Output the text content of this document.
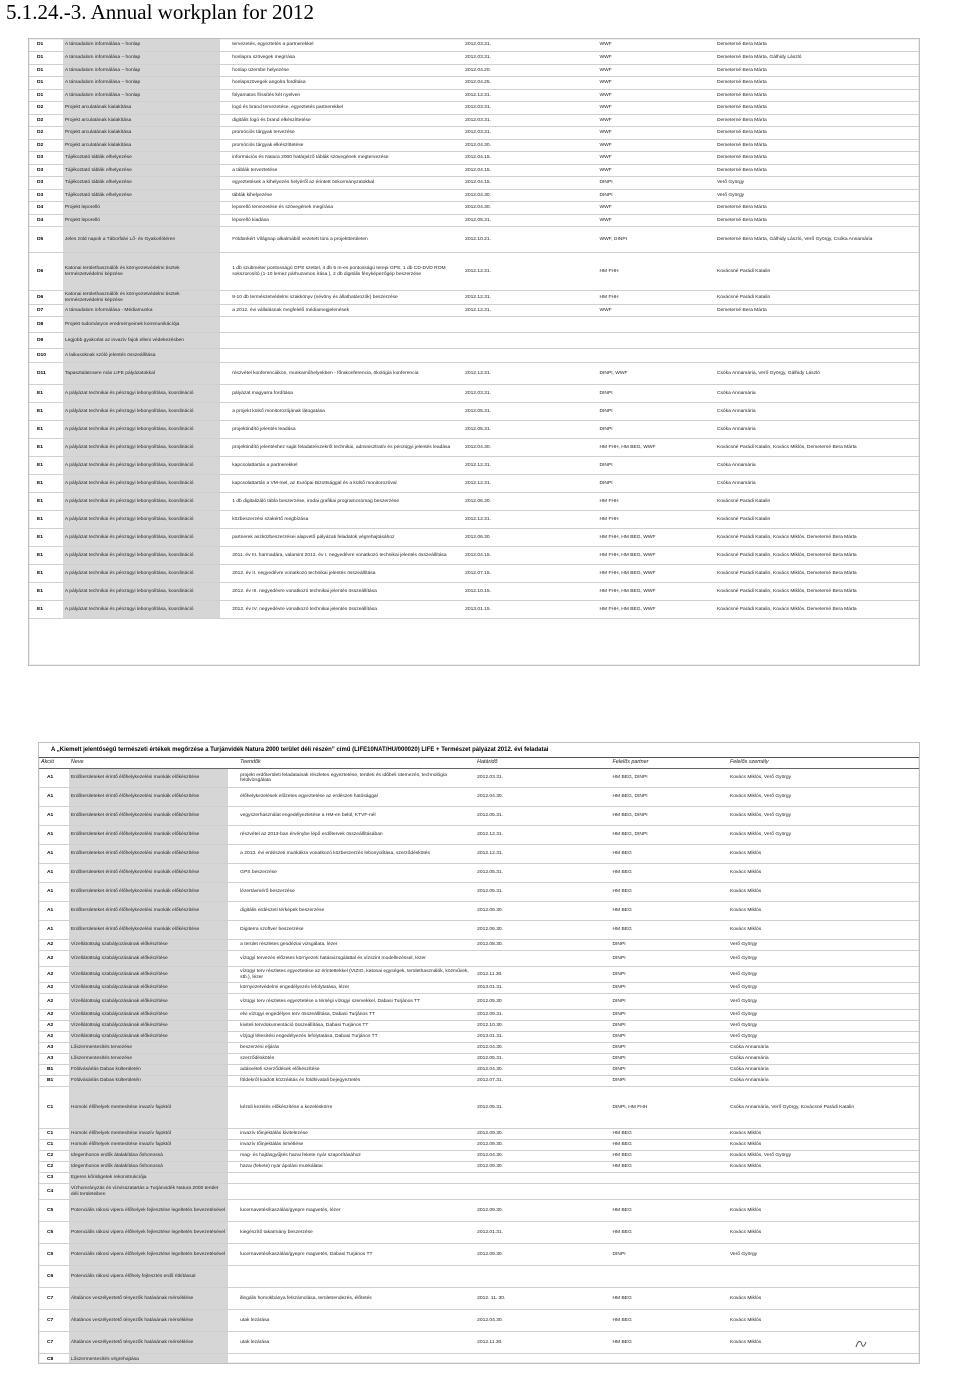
5.1.24.-3. Annual workplan for 2012
D1	A társadalom informálása – honlap		tervezetés, egyeztetés a partnerekkel	2012.03.31.	WWF	Demeterné Bera Márta
D1	A társadalom informálása – honlap		honlapra szövegek megírása	2012.03.31.	WWF	Demeterné Bera Márta, Gálhidy László
D1	A társadalom informálása – honlap		honlap üzembe helyezése	2012.04.20.	WWF	Demeterné Bera Márta
D1	A társadalom informálása – honlap		honlapszövegek angolra fordítása	2012.04.25.	WWF	Demeterné Bera Márta
D1	A társadalom informálása – honlap		folyamatos frissítés két nyelven	2012.12.31.	WWF	Demeterné Bera Márta
D2	Projekt arculatának kialakítása		logó és brand tervezetése, egyeztetés partnerekkel	2012.03.31.	WWF	Demeterné Bera Márta
D2	Projekt arculatának kialakítása		digitális logó és brand elkészíttetése	2012.03.31.	WWF	Demeterné Bera Márta
D2	Projekt arculatának kialakítása		promóciós tárgyak tervezése	2012.03.31.	WWF	Demeterné Bera Márta
D2	Projekt arculatának kialakítása		promóciós tárgyak elkészíttetése	2012.04.30.	WWF	Demeterné Bera Márta
D3	Tájékoztató táblák elhelyezése		információs és Natura 2000 határjelző táblák szövegének megtervezése	2012.04.15.	WWF	Demeterné Bera Márta
D3	Tájékoztató táblák elhelyezése		a táblák terveztetése	2012.04.15.	WWF	Demeterné Bera Márta
D3	Tájékoztató táblák elhelyezése		egyeztetések a kihelyezés helyéről az érintett önkormányzatokkal	2012.04.15.	DINPI	Verő György
D3	Tájékoztató táblák elhelyezése		táblák kihelyezése	2012.04.30.	DINPI	Verő György
D4	Projekt leporelló		leporelló tervezetése és szövegének megírása	2012.04.30.	WWF	Demeterné Bera Márta
D4	Projekt leporelló		leporelló kiadása	2012.05.31.	WWF	Demeterné Bera Márta
D5	Jeles zöld napok a Táborfalvi Lő- és Gyakorlótéren		Földünkért Világnap alkalmából vezetett túra a projektterületen	2012.10.21.	WWF, DINPI	Demeterné Bera Márta, Gálhidy László, Verő György, Csóka Annamária
D6	Katonai területhasználók és környezetvédelmi tisztek természetvédelmi képzése		1 db szubméter pontosságú GPS szettel, 4 db 5 m-es pontosságú terepi GPS, 1 db CD-DVD ROM sokszorosító (1-10 lemez párhuzamos írása ), 2 db digitális fényképezőgép beszerzése	2012.12.31.	HM FHH	Kovácsné Parádi Katalin
D6	Katonai területhasználók és környezetvédelmi tisztek természetvédelmi képzése		8-10 db természetvédelmi szakkönyv (névöny és állathatározók) beszerzése	2012.12.31.	HM FHH	Kovácsné Parádi Katalin
D7	A társadalom informálása - Médiamunka		a 2012. évi vállalásnak megfelelő médiamegjelenések	2012.12.31.	WWF	Demeterné Bera Márta
D8	Projekt tudományos eredményeinek kommunikációja					
D9	Legjobb gyakorlat az invazív fajok elleni védekezésben					
D10	A laikusoknak szóló jelentés összeállítása					
D11	Tapasztalatcsere más LIFE pályázatokkal		részvétel konferenciákon, munkaműhelyekben - főrakonferencia, ökológia konferencia	2012.12.31.	DINPI, WWF	Csóka Annamária, Verő György, Gálhidy László
E1	A pályázat technikai és pénzügyi lebonyolítása, koordináció		pályázat magyarra fordítása	2012.03.31.	DINPI	Csóka Annamária
E1	A pályázat technikai és pénzügyi lebonyolítása, koordináció		a projekt külső monitorozójának látogatása	2012.05.31.	DINPI	Csóka Annamária
E1	A pályázat technikai és pénzügyi lebonyolítása, koordináció		projektindító jelentés leadása	2012.05.31.	DINPI	Csóka Annamária
E1	A pályázat technikai és pénzügyi lebonyolítása, koordináció		projektindító jelentéshez saját feladatrészekről technikai, adminisztratív és pénzügyi jelentés leadása	2012.04.30.	HM FHH, HM BEG, WWF	Kovácsné Parádi Katalin, Kovács Miklós, Demeterné Bera Márta
E1	A pályázat technikai és pénzügyi lebonyolítása, koordináció		kapcsolattartás a partnerekkel	2012.12.31.	DINPI	Csóka Annamária
E1	A pályázat technikai és pénzügyi lebonyolítása, koordináció		kapcsolattartás a VM-mel, az Európai Bizottsággal és a külső monitorozóval	2012.12.31.	DINPI	Csóka Annamária
E1	A pályázat technikai és pénzügyi lebonyolítása, koordináció		1 db digitalizáló tábla beszerzése, irodai grafikai programcsomag beszerzése	2012.06.30.	HM FHH	Kovácsné Parádi Katalin
E1	A pályázat technikai és pénzügyi lebonyolítása, koordináció		közbeszerzési szakértő megbízása	2012.12.31.	HM FHH	Kovácsné Parádi Katalin
E1	A pályázat technikai és pénzügyi lebonyolítása, koordináció		partnerek aszközbeszerzései alapvető pályázati feladatok végrehajtásához	2012.06.30	HM FHH, HM BEG, WWF	Kovácsné Parádi Katalin, Kovács Miklós, Demeterné Bera Márta
E1	A pályázat technikai és pénzügyi lebonyolítása, koordináció		2011. év III. harmadára, valamint 2012. év I. negyedévre vonatkozó technikai jelentés összeállítása	2012.04.15.	HM FHH, HM BEG, WWF	Kovácsné Parádi Katalin, Kovács Miklós, Demeterné Bera Márta
E1	A pályázat technikai és pénzügyi lebonyolítása, koordináció		2012. év II. negyedévre vonatkozó technikai jelentés összeállítása	2012.07.15.	HM FHH, HM BEG, WWF	Kovácsné Parádi Katalin, Kovács Miklós, Demeterné Bera Márta
E1	A pályázat technikai és pénzügyi lebonyolítása, koordináció		2012. év III. negyedévre vonatkozó technikai jelentés összeállítása	2012.10.15.	HM FHH, HM BEG, WWF	Kovácsné Parádi Katalin, Kovács Miklós, Demeterné Bera Márta
E1	A pályázat technikai és pénzügyi lebonyolítása, koordináció		2012. év IV. negyedévre vonatkozó technikai jelentés összeállítása	2013.01.15.	HM FHH, HM BEG, WWF	Kovácsné Parádi Katalin, Kovács Miklós, Demeterné Bera Márta
A „Kiemelt jelentőségű természeti értékek megőrzése a Turjánvidék Natura 2000 terület déli részén” című (LIFE10NAT/HU/000020) LIFE + Természet pályázat 2012. évi feladatai
Akció	Neve		Teendők	Határidő	Felelős partner	Felelős személy
A1	Erdőterületeket érintő élőhelykezelési munkák előkészítése		projekt erdőterületi feladatainak részletes egyeztetése, területi és időbeli ütemezés, technológia felülvizsgálata	2012.03.31.	HM BEG, DINPI	Kovács Miklós, Verő György
A1	Erdőterületeket érintő élőhelykezelési munkák előkészítése		élőhelykezelések előzetes egyeztetése az erdészeti hatósággal	2012.04.30.	HM BEG, DINPI	Kovács Miklós, Verő György
A1	Erdőterületeket érintő élőhelykezelési munkák előkészítése		vegyszerhasználat engedélyeztetése a HM-en belül, KTVF-nél	2012.05.31.	HM BEG, DINPI	Kovács Miklós, Verő György
A1	Erdőterületeket érintő élőhelykezelési munkák előkészítése		részvétel az 2013-ban érvénybe lépő erdőtervek összeállításában	2012.12.31.	HM BEG, DINPI	Kovács Miklós, Verő György
A1	Erdőterületeket érintő élőhelykezelési munkák előkészítése		a 2013. évi erdészeti munkákra vonatkozó közbeszerzés lebonyolítása, szerződéskötés	2012.12.31.	HM BEG	Kovács Miklós
A1	Erdőterületeket érintő élőhelykezelési munkák előkészítése		GPS beszerzése	2012.05.31.	HM BEG	Kovács Miklós
A1	Erdőterületeket érintő élőhelykezelési munkák előkészítése		lézertávmérő beszerzése	2012.05.31.	HM BEG	Kovács Miklós
A1	Erdőterületeket érintő élőhelykezelési munkák előkészítése		digitális erdészeti térképek beszerzése	2012.06.30.	HM BEG	Kovács Miklós
A1	Erdőterületeket érintő élőhelykezelési munkák előkészítése		Digiterra szoftver beszerzése	2012.06.30.	HM BEG	Kovács Miklós
A2	Vízellátottság szabályozásának előkészítése		a terület részletes geodéziai vizsgálata, lézer	2012.08.30.	DINPI	Verő György
A2	Vízellátottság szabályozásának előkészítése		vízügyi tervezés előzetes környezeti hatásvizsgálattal és vízszint modellezéssel, lézer		DINPI	Verő György
A2	Vízellátottság szabályozásának előkészítése		vízügyi terv részletes egyeztetése az érintettekkel (VIZIG, katonai egységek, területhasználók, közművek, stb.), lézer	2012.11.30.	DINPI	Verő György
A2	Vízellátottság szabályozásának előkészítése		környezetvédelmi engedélyezés lefolytatása, lézer	2013.01.31.	DINPI	Verő György
A2	Vízellátottság szabályozásának előkészítése		vízügyi terv részletes egyeztetése a térségi vízügyi szervekkel, Dabasi Turjános TT	2012.05.30	DINPI	Verő György
A2	Vízellátottság szabályozásának előkészítése		elvi vízügyi engedélyes terv összeállítása, Dabasi Turjános TT	2012.09.31.	DINPI	Verő György
A2	Vízellátottság szabályozásának előkészítése		kiviteli tervdokumentáció összeállítása, Dabasi Turjános TT	2012.10.30.	DINPI	Verő György
A2	Vízellátottság szabályozásának előkészítése		vízjogi létesítési engedélyezés lefolytatása, Dabasi Turjános TT	2013.01.31.	DINPI	Verő György
A3	Lőszermentesítés tervezése		beszerzési eljárás	2012.04.30.	DINPI	Csóka Annamária
A3	Lőszermentesítés tervezése		szerződéskötés	2012.05.31.	DINPI	Csóka Annamária
B1	Földvásárlás Dabas külterületén		adásvételi szerződések előkészítése	2012.04.30.	DINPI	Csóka Annamária
B1	Földvásárlás Dabas külterületén		földekről kiadott közzéátás és földhivatali bejegyeztetés	2012.07.31.	DINPI	Csóka Annamária
C1	Homoki élőhelyek mentesítése invazív fajoktól		kézüli kezelés előkészítése a kezeléskörre	2012.05.31.	DINPI, HM FHH	Csóka Annamária, Verő György, Kovácsné Parádi Katalin
C1	Homoki élőhelyek mentesítése invazív fajoktól		invazív tőinjektálás kivitelezése	2012.09.30.	HM BEG	Kovács Miklós
C1	Homoki élőhelyek mentesítése invazív fajoktól		invazív tőinjektálás ismétlése	2012.09.30.	HM BEG	Kovács Miklós
C2	Idegenhonos erdők átalakítása őshonossá		mag- és hajtásgyűjtés hazai fekete nyár szaporításához	2012.04.30.	HM BEG	Kovács Miklós, Verő György
C2	Idegenhonos erdők átalakítása őshonossá		hazai (fekete) nyár ápolási munkálatai	2012.09.30.	HM BEG	Kovács Miklós
C3	Egeres kőrisligetek rekonstrukciója					
C4	Vízhomrányzás és vízvisszatartás a Turjánvidék Natura 2000 terület déli területeiben					
C5	Potenciális rákosi vipera élőhelyek fejlesztése legeltetés bevezetésével		lucernavetés/kaszálás/gyepre magvetés, lézer	2012.09.30.	HM BEG	Kovács Miklós
C5	Potenciális rákosi vipera élőhelyek fejlesztése legeltetés bevezetésével		kiegészítő takarmány beszerzése	2012.01.31.	HM BEG	Kovács Miklós
C5	Potenciális rákosi vipera élőhelyek fejlesztése legeltetés bevezetésével		lucernavetés/kaszálás/gyepre magvetés, Dabasi Turjános TT	2012.09.30.	DINPI	Verő György
C6	Potenciális rákosi vipera élőhely fejlesztés erdő ritkítással					
C7	Általános veszélyeztető tényezők hatásának mérséklése		illegális homokbánya felszámolása, területrendezés, élőtetés	2012. 11. 30.	HM BEG	Kovács Miklós
C7	Általános veszélyeztető tényezők hatásának mérséklése		utak lezárása	2012.04.30.	HM BEG	Kovács Miklós
C7	Általános veszélyeztető tényezők hatásának mérséklése		utak lezárása	2012.11.30.	HM BEG	Kovács Miklós
C8	Lőszermentesítés végrehajtása					
